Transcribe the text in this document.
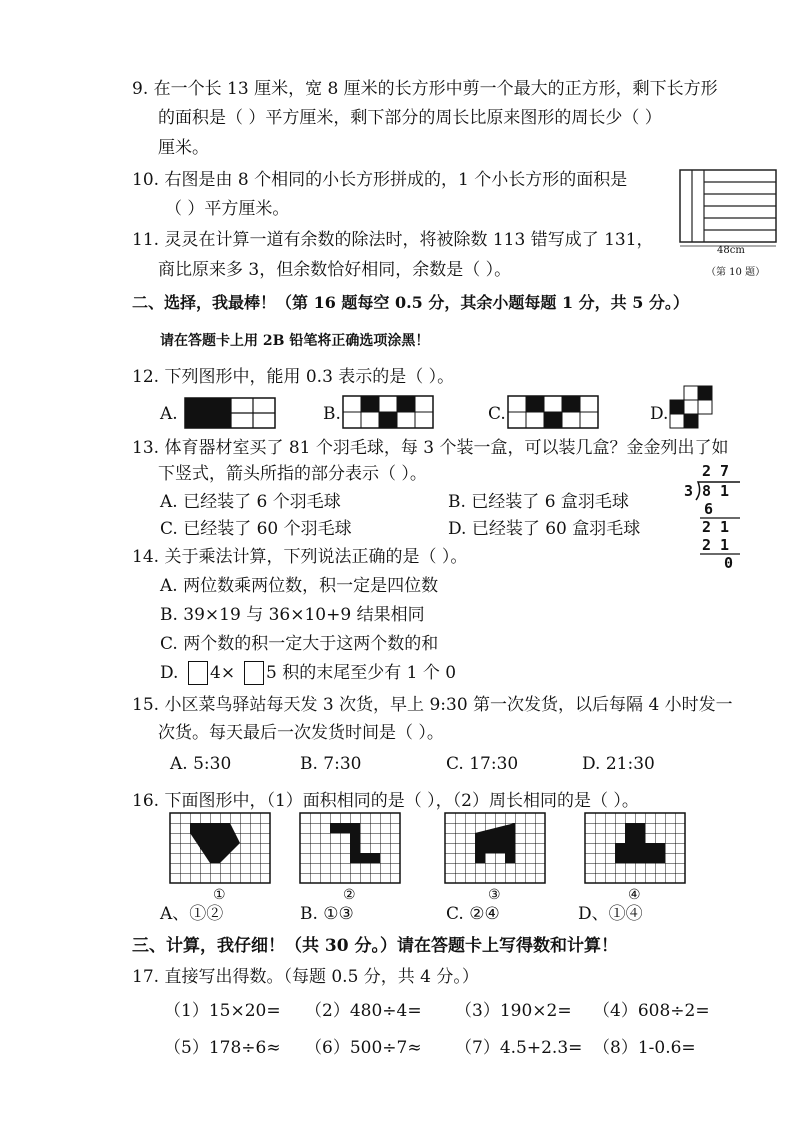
9. 在一个长 13 厘米，宽 8 厘米的长方形中剪一个最大的正方形，剩下长方形
的面积是（ ）平方厘米，剩下部分的周长比原来图形的周长少（ ）
厘米。
10. 右图是由 8 个相同的小长方形拼成的，1 个小长方形的面积是
（ ）平方厘米。
48cm
（第 10 题）
11. 灵灵在计算一道有余数的除法时，将被除数 113 错写成了 131，
商比原来多 3，但余数恰好相同，余数是（ ）。
二、选择，我最棒！（第 16 题每空 0.5 分，其余小题每题 1 分，共 5 分。）
请在答题卡上用 2B 铅笔将正确选项涂黑！
12. 下列图形中，能用 0.3 表示的是（ ）。
A.	B.	C.	D.
13. 体育器材室买了 81 个羽毛球，每 3 个装一盒，可以装几盒？金金列出了如
下竖式，箭头所指的部分表示（ ）。
A. 已经装了 6 个羽毛球	B. 已经装了 6 盒羽毛球
C. 已经装了 60 个羽毛球	D. 已经装了 60 盒羽毛球
2 7
3 8 1
6
2 1
2 1
0
14. 关于乘法计算，下列说法正确的是（ ）。
A. 两位数乘两位数，积一定是四位数
B. 39×19 与 36×10+9 结果相同
C. 两个数的积一定大于这两个数的和
D. 4× 5 积的末尾至少有 1 个 0
15. 小区菜鸟驿站每天发 3 次货，早上 9:30 第一次发货，以后每隔 4 小时发一
次货。每天最后一次发货时间是（ ）。
A. 5:30	B. 7:30	C. 17:30	D. 21:30
16. 下面图形中，（1）面积相同的是（ ），（2）周长相同的是（ ）。
①	②	③	④
A、①②	B. ①③	C. ②④	D、①④
三、计算，我仔细！（共 30 分。）请在答题卡上写得数和计算！
17. 直接写出得数。（每题 0.5 分，共 4 分。）
（1）15×20= （2）480÷4= （3）190×2= （4）608÷2=
（5）178÷6≈ （6）500÷7≈ （7）4.5+2.3= （8）1-0.6=
